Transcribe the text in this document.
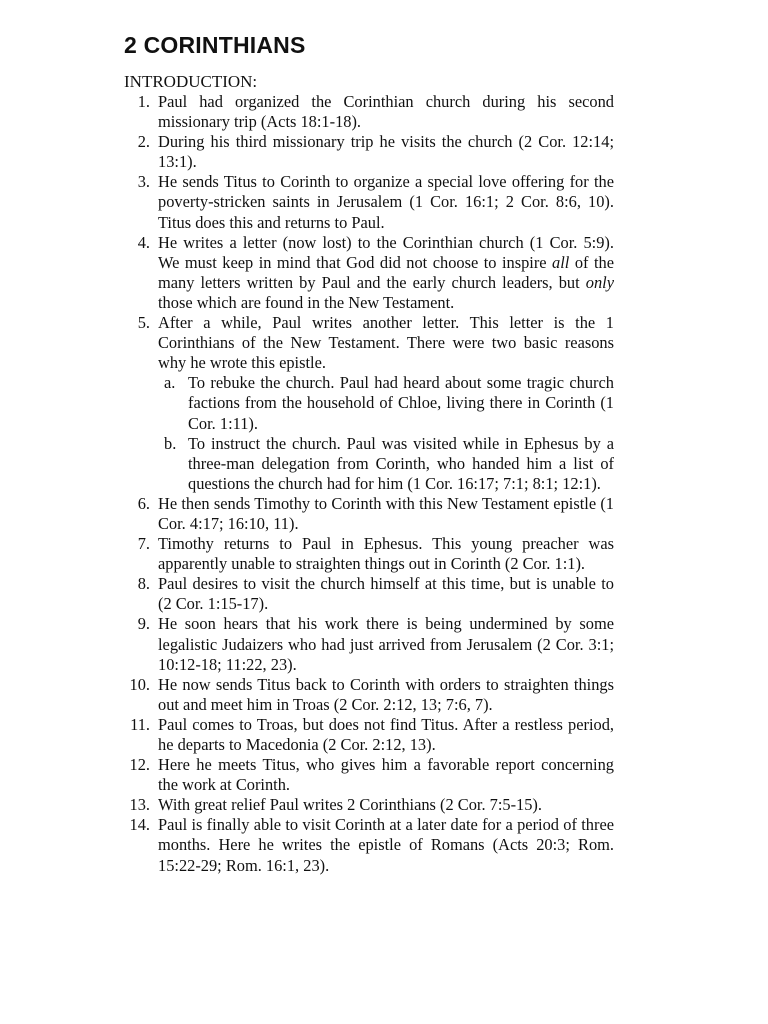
2 CORINTHIANS
INTRODUCTION:
1. Paul had organized the Corinthian church during his second missionary trip (Acts 18:1-18).
2. During his third missionary trip he visits the church (2 Cor. 12:14; 13:1).
3. He sends Titus to Corinth to organize a special love offering for the poverty-stricken saints in Jerusalem (1 Cor. 16:1; 2 Cor. 8:6, 10). Titus does this and returns to Paul.
4. He writes a letter (now lost) to the Corinthian church (1 Cor. 5:9). We must keep in mind that God did not choose to inspire all of the many letters written by Paul and the early church leaders, but only those which are found in the New Testament.
5. After a while, Paul writes another letter. This letter is the 1 Corinthians of the New Testament. There were two basic reasons why he wrote this epistle.
a. To rebuke the church. Paul had heard about some tragic church factions from the household of Chloe, living there in Corinth (1 Cor. 1:11).
b. To instruct the church. Paul was visited while in Ephesus by a three-man delegation from Corinth, who handed him a list of questions the church had for him (1 Cor. 16:17; 7:1; 8:1; 12:1).
6. He then sends Timothy to Corinth with this New Testament epistle (1 Cor. 4:17; 16:10, 11).
7. Timothy returns to Paul in Ephesus. This young preacher was apparently unable to straighten things out in Corinth (2 Cor. 1:1).
8. Paul desires to visit the church himself at this time, but is unable to (2 Cor. 1:15-17).
9. He soon hears that his work there is being undermined by some legalistic Judaizers who had just arrived from Jerusalem (2 Cor. 3:1; 10:12-18; 11:22, 23).
10. He now sends Titus back to Corinth with orders to straighten things out and meet him in Troas (2 Cor. 2:12, 13; 7:6, 7).
11. Paul comes to Troas, but does not find Titus. After a restless period, he departs to Macedonia (2 Cor. 2:12, 13).
12. Here he meets Titus, who gives him a favorable report concerning the work at Corinth.
13. With great relief Paul writes 2 Corinthians (2 Cor. 7:5-15).
14. Paul is finally able to visit Corinth at a later date for a period of three months. Here he writes the epistle of Romans (Acts 20:3; Rom. 15:22-29; Rom. 16:1, 23).
